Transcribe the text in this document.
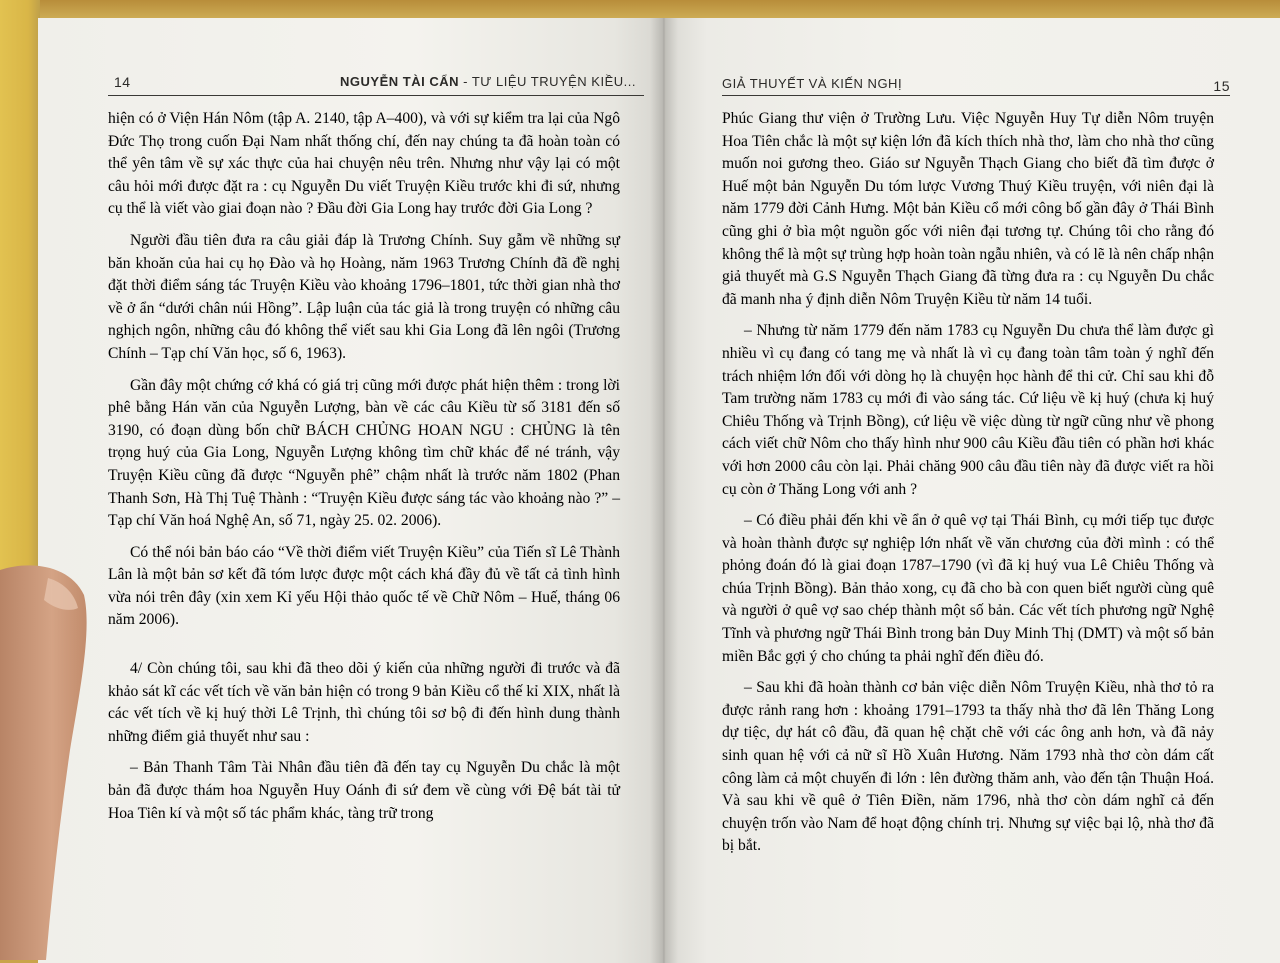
14	NGUYỄN TÀI CẨN - TƯ LIỆU TRUYỆN KIỀU...	GIẢ THUYẾT VÀ KIẾN NGHỊ	15

hiện có ở Viện Hán Nôm (tập A. 2140, tập A–400), và với sự kiểm tra lại của Ngô Đức Thọ trong cuốn Đại Nam nhất thống chí, đến nay chúng ta đã hoàn toàn có thể yên tâm về sự xác thực của hai chuyện nêu trên. Nhưng như vậy lại có một câu hỏi mới được đặt ra : cụ Nguyễn Du viết Truyện Kiều trước khi đi sứ, nhưng cụ thể là viết vào giai đoạn nào ? Đầu đời Gia Long hay trước đời Gia Long ?

Người đầu tiên đưa ra câu giải đáp là Trương Chính. Suy gẫm về những sự băn khoăn của hai cụ họ Đào và họ Hoàng, năm 1963 Trương Chính đã đề nghị đặt thời điểm sáng tác Truyện Kiều vào khoảng 1796–1801, tức thời gian nhà thơ về ở ẩn “dưới chân núi Hồng”. Lập luận của tác giả là trong truyện có những câu nghịch ngôn, những câu đó không thể viết sau khi Gia Long đã lên ngôi (Trương Chính – Tạp chí Văn học, số 6, 1963).

Gần đây một chứng cớ khá có giá trị cũng mới được phát hiện thêm : trong lời phê bằng Hán văn của Nguyễn Lượng, bàn về các câu Kiều từ số 3181 đến số 3190, có đoạn dùng bốn chữ BÁCH CHỦNG HOAN NGU : CHỦNG là tên trọng huý của Gia Long, Nguyễn Lượng không tìm chữ khác để né tránh, vậy Truyện Kiều cũng đã được “Nguyễn phê” chậm nhất là trước năm 1802 (Phan Thanh Sơn, Hà Thị Tuệ Thành : “Truyện Kiều được sáng tác vào khoảng nào ?” –Tạp chí Văn hoá Nghệ An, số 71, ngày 25. 02. 2006).

Có thể nói bản báo cáo “Về thời điểm viết Truyện Kiều” của Tiến sĩ Lê Thành Lân là một bản sơ kết đã tóm lược được một cách khá đầy đủ về tất cả tình hình vừa nói trên đây (xin xem Kỉ yếu Hội thảo quốc tế về Chữ Nôm – Huế, tháng 06 năm 2006).

4/ Còn chúng tôi, sau khi đã theo dõi ý kiến của những người đi trước và đã khảo sát kĩ các vết tích về văn bản hiện có trong 9 bản Kiều cổ thế kỉ XIX, nhất là các vết tích về kị huý thời Lê Trịnh, thì chúng tôi sơ bộ đi đến hình dung thành những điểm giả thuyết như sau :

– Bản Thanh Tâm Tài Nhân đầu tiên đã đến tay cụ Nguyễn Du chắc là một bản đã được thám hoa Nguyễn Huy Oánh đi sứ đem về cùng với Đệ bát tài tử Hoa Tiên kí và một số tác phẩm khác, tàng trữ trong

Phúc Giang thư viện ở Trường Lưu. Việc Nguyễn Huy Tự diễn Nôm truyện Hoa Tiên chắc là một sự kiện lớn đã kích thích nhà thơ, làm cho nhà thơ cũng muốn noi gương theo. Giáo sư Nguyễn Thạch Giang cho biết đã tìm được ở Huế một bản Nguyễn Du tóm lược Vương Thuý Kiều truyện, với niên đại là năm 1779 đời Cảnh Hưng. Một bản Kiều cổ mới công bố gần đây ở Thái Bình cũng ghi ở bìa một nguồn gốc với niên đại tương tự. Chúng tôi cho rằng đó không thể là một sự trùng hợp hoàn toàn ngẫu nhiên, và có lẽ là nên chấp nhận giả thuyết mà G.S Nguyễn Thạch Giang đã từng đưa ra : cụ Nguyễn Du chắc đã manh nha ý định diễn Nôm Truyện Kiều từ năm 14 tuổi.

– Nhưng từ năm 1779 đến năm 1783 cụ Nguyễn Du chưa thể làm được gì nhiều vì cụ đang có tang mẹ và nhất là vì cụ đang toàn tâm toàn ý nghĩ đến trách nhiệm lớn đối với dòng họ là chuyện học hành để thi cử. Chỉ sau khi đỗ Tam trường năm 1783 cụ mới đi vào sáng tác. Cứ liệu về kị huý (chưa kị huý Chiêu Thống và Trịnh Bồng), cứ liệu về việc dùng từ ngữ cũng như về phong cách viết chữ Nôm cho thấy hình như 900 câu Kiều đầu tiên có phần hơi khác với hơn 2000 câu còn lại. Phải chăng 900 câu đầu tiên này đã được viết ra hồi cụ còn ở Thăng Long với anh ?

– Có điều phải đến khi về ẩn ở quê vợ tại Thái Bình, cụ mới tiếp tục được và hoàn thành được sự nghiệp lớn nhất về văn chương của đời mình : có thể phỏng đoán đó là giai đoạn 1787–1790 (vì đã kị huý vua Lê Chiêu Thống và chúa Trịnh Bồng). Bản thảo xong, cụ đã cho bà con quen biết người cùng quê và người ở quê vợ sao chép thành một số bản. Các vết tích phương ngữ Nghệ Tĩnh và phương ngữ Thái Bình trong bản Duy Minh Thị (DMT) và một số bản miền Bắc gợi ý cho chúng ta phải nghĩ đến điều đó.

– Sau khi đã hoàn thành cơ bản việc diễn Nôm Truyện Kiều, nhà thơ tỏ ra được rảnh rang hơn : khoảng 1791–1793 ta thấy nhà thơ đã lên Thăng Long dự tiệc, dự hát cô đầu, đã quan hệ chặt chẽ với các ông anh hơn, và đã nảy sinh quan hệ với cả nữ sĩ Hồ Xuân Hương. Năm 1793 nhà thơ còn dám cất công làm cả một chuyến đi lớn : lên đường thăm anh, vào đến tận Thuận Hoá. Và sau khi về quê ở Tiên Điền, năm 1796, nhà thơ còn dám nghĩ cả đến chuyện trốn vào Nam để hoạt động chính trị. Nhưng sự việc bại lộ, nhà thơ đã bị bắt.
